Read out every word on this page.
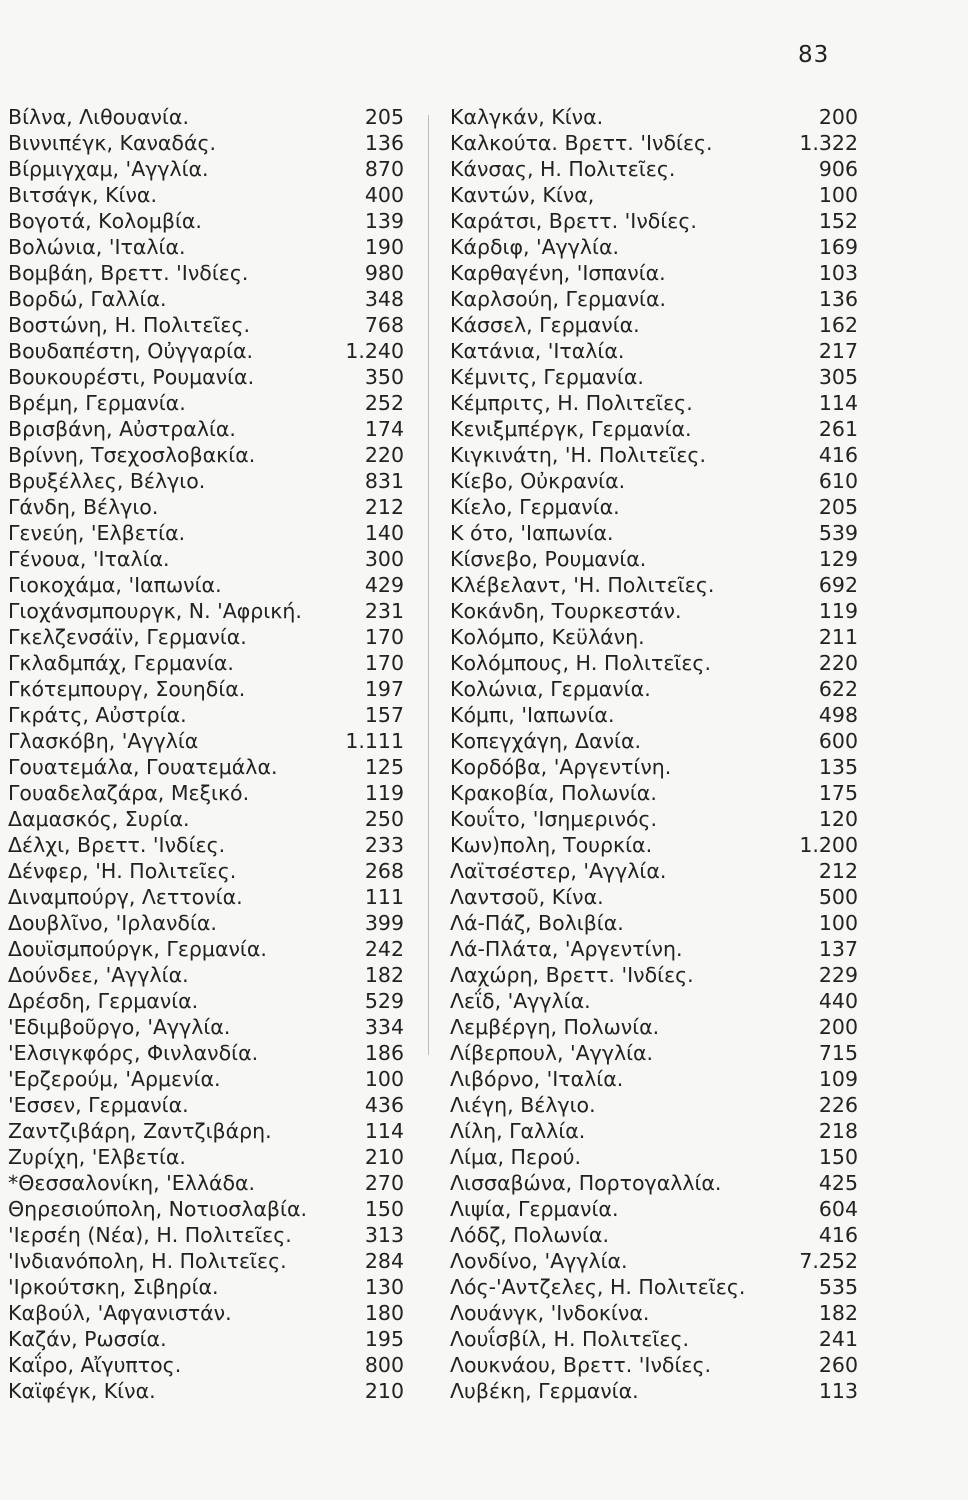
83
Βίλνα, Λιθουανία.	205
Βιννιπέγκ, Καναδάς.	136
Βίρμιγχαμ, 'Αγγλία.	870
Βιτσάγκ, Κίνα.	400
Βογοτά, Κολομβία.	139
Βολώνια, 'Ιταλία.	190
Βομβάη, Βρεττ. 'Ινδίες.	980
Βορδώ, Γαλλία.	348
Βοστώνη, Η. Πολιτεῖες.	768
Βουδαπέστη, Οὐγγαρία.	1.240
Βουκουρέστι, Ρουμανία.	350
Βρέμη, Γερμανία.	252
Βρισβάνη, Αὐστραλία.	174
Βρίννη, Τσεχοσλοβακία.	220
Βρυξέλλες, Βέλγιο.	831
Γάνδη, Βέλγιο.	212
Γενεύη, 'Ελβετία.	140
Γένουα, 'Ιταλία.	300
Γιοκοχάμα, 'Ιαπωνία.	429
Γιοχάνσμπουργκ, Ν. 'Αφρική.	231
Γκελζενσάϊν, Γερμανία.	170
Γκλαδμπάχ, Γερμανία.	170
Γκότεμπουργ, Σουηδία.	197
Γκράτς, Αὐστρία.	157
Γλασκόβη, 'Αγγλία	1.111
Γουατεμάλα, Γουατεμάλα.	125
Γουαδελαζάρα, Μεξικό.	119
Δαμασκός, Συρία.	250
Δέλχι, Βρεττ. 'Ινδίες.	233
Δένφερ, 'Η. Πολιτεῖες.	268
Διναμπούργ, Λεττονία.	111
Δουβλῖνο, 'Ιρλανδία.	399
Δουϊσμπούργκ, Γερμανία.	242
Δούνδεε, 'Αγγλία.	182
Δρέσδη, Γερμανία.	529
'Εδιμβοῦργο, 'Αγγλία.	334
'Ελσιγκφόρς, Φινλανδία.	186
'Ερζερούμ, 'Αρμενία.	100
'Εσσεν, Γερμανία.	436
Ζαντζιβάρη, Ζαντζιβάρη.	114
Ζυρίχη, 'Ελβετία.	210
*Θεσσαλονίκη, 'Ελλάδα.	270
Θηρεσιούπολη, Νοτιοσλαβία.	150
'Ιερσέη (Νέα), Η. Πολιτεῖες.	313
'Ινδιανόπολη, Η. Πολιτεῖες.	284
'Ιρκούτσκη, Σιβηρία.	130
Καβούλ, 'Αφγανιστάν.	180
Καζάν, Ρωσσία.	195
Καΐρο, Αἴγυπτος.	800
Καϊφέγκ, Κίνα.	210
Καλγκάν, Κίνα.	200
Καλκούτα. Βρεττ. 'Ινδίες.	1.322
Κάνσας, Η. Πολιτεῖες.	906
Καντών, Κίνα,	100
Καράτσι, Βρεττ. 'Ινδίες.	152
Κάρδιφ, 'Αγγλία.	169
Καρθαγένη, 'Ισπανία.	103
Καρλσούη, Γερμανία.	136
Κάσσελ, Γερμανία.	162
Κατάνια, 'Ιταλία.	217
Κέμνιτς, Γερμανία.	305
Κέμπριτς, Η. Πολιτεῖες.	114
Κενιξμπέργκ, Γερμανία.	261
Κιγκινάτη, 'Η. Πολιτεῖες.	416
Κίεβο, Οὐκρανία.	610
Κίελο, Γερμανία.	205
Κ ότο, 'Ιαπωνία.	539
Κίσνεβο, Ρουμανία.	129
Κλέβελαντ, 'Η. Πολιτεῖες.	692
Κοκάνδη, Τουρκεστάν.	119
Κολόμπο, Κεϋλάνη.	211
Κολόμπους, Η. Πολιτεῖες.	220
Κολώνια, Γερμανία.	622
Κόμπι, 'Ιαπωνία.	498
Κοπεγχάγη, Δανία.	600
Κορδόβα, 'Αργεντίνη.	135
Κρακοβία, Πολωνία.	175
Κουΐτο, 'Ισημερινός.	120
Κων)πολη, Τουρκία.	1.200
Λαϊτσέστερ, 'Αγγλία.	212
Λαντσοῦ, Κίνα.	500
Λά-Πάζ, Βολιβία.	100
Λά-Πλάτα, 'Αργεντίνη.	137
Λαχώρη, Βρεττ. 'Ινδίες.	229
Λεΐδ, 'Αγγλία.	440
Λεμβέργη, Πολωνία.	200
Λίβερπουλ, 'Αγγλία.	715
Λιβόρνο, 'Ιταλία.	109
Λιέγη, Βέλγιο.	226
Λίλη, Γαλλία.	218
Λίμα, Περού.	150
Λισσαβώνα, Πορτογαλλία.	425
Λιψία, Γερμανία.	604
Λόδζ, Πολωνία.	416
Λονδίνο, 'Αγγλία.	7.252
Λός-'Αντζελες, Η. Πολιτεῖες.	535
Λουάνγκ, 'Ινδοκίνα.	182
Λουΐσβίλ, Η. Πολιτεῖες.	241
Λουκνάου, Βρεττ. 'Ινδίες.	260
Λυβέκη, Γερμανία.	113
